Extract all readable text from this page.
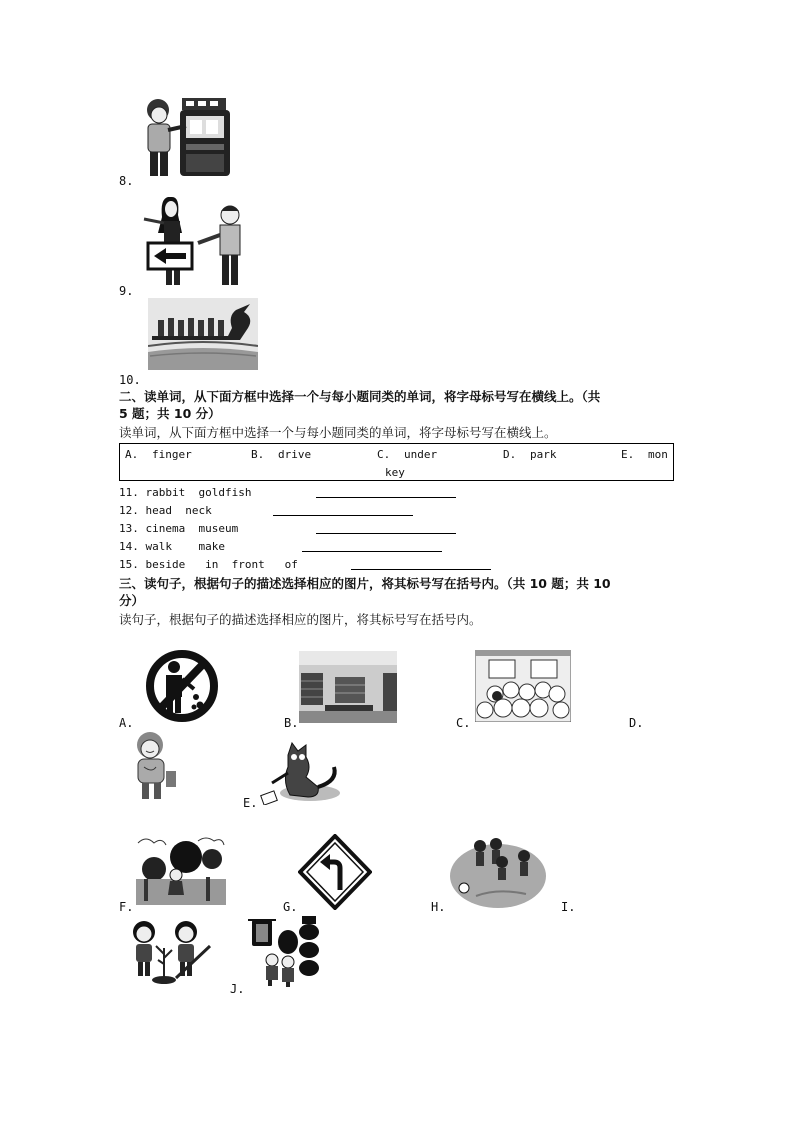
8.
9.
10.
二、读单词，从下面方框中选择一个与每小题同类的单词，将字母标号写在横线上。（共
5 题；共 10 分）
读单词，从下面方框中选择一个与每小题同类的单词，将字母标号写在横线上。
A. finger	B. drive	C. under	D. park	E. mon
key
11. rabbit  goldfish
12. head  neck
13. cinema  museum
14. walk    make
15. beside   in  front   of
三、读句子，根据句子的描述选择相应的图片，将其标号写在括号内。（共 10 题；共 10
分）
读句子，根据句子的描述选择相应的图片，将其标号写在括号内。
A.	B.	C.	D.
E.
F.	G.	H.	I.
J.
